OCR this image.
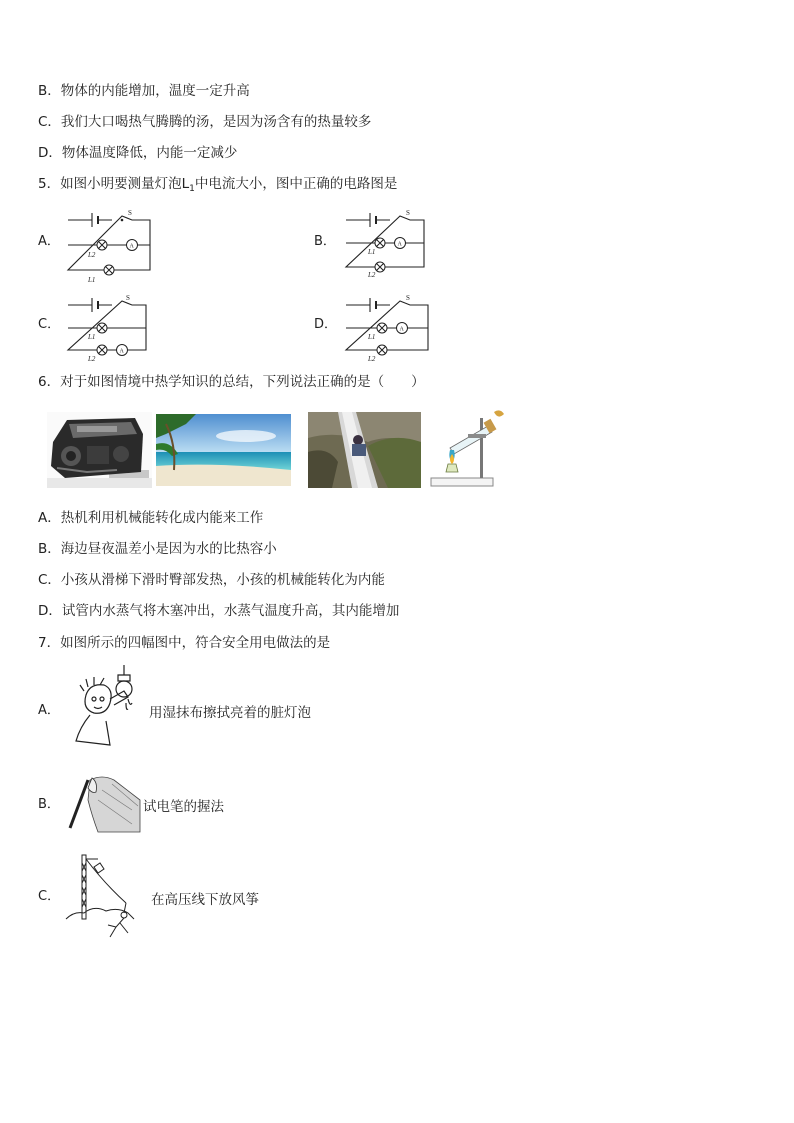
B．物体的内能增加，温度一定升高
C．我们大口喝热气腾腾的汤，是因为汤含有的热量较多
D．物体温度降低，内能一定减少
5．如图小明要测量灯泡$L_1$中电流大小，图中正确的电路图是
A．	B．
C．	D．
S
A
L2
L1
S
A
L1
L2
S
A
L1
L2
S
A
L1
L2
6．对于如图情境中热学知识的总结，下列说法正确的是（　　）
A．热机利用机械能转化成内能来工作
B．海边昼夜温差小是因为水的比热容小
C．小孩从滑梯下滑时臀部发热，小孩的机械能转化为内能
D．试管内水蒸气将木塞冲出，水蒸气温度升高，其内能增加
7．如图所示的四幅图中，符合安全用电做法的是
A．	用湿抹布擦拭亮着的脏灯泡
B．	试电笔的握法
C．	在高压线下放风筝
